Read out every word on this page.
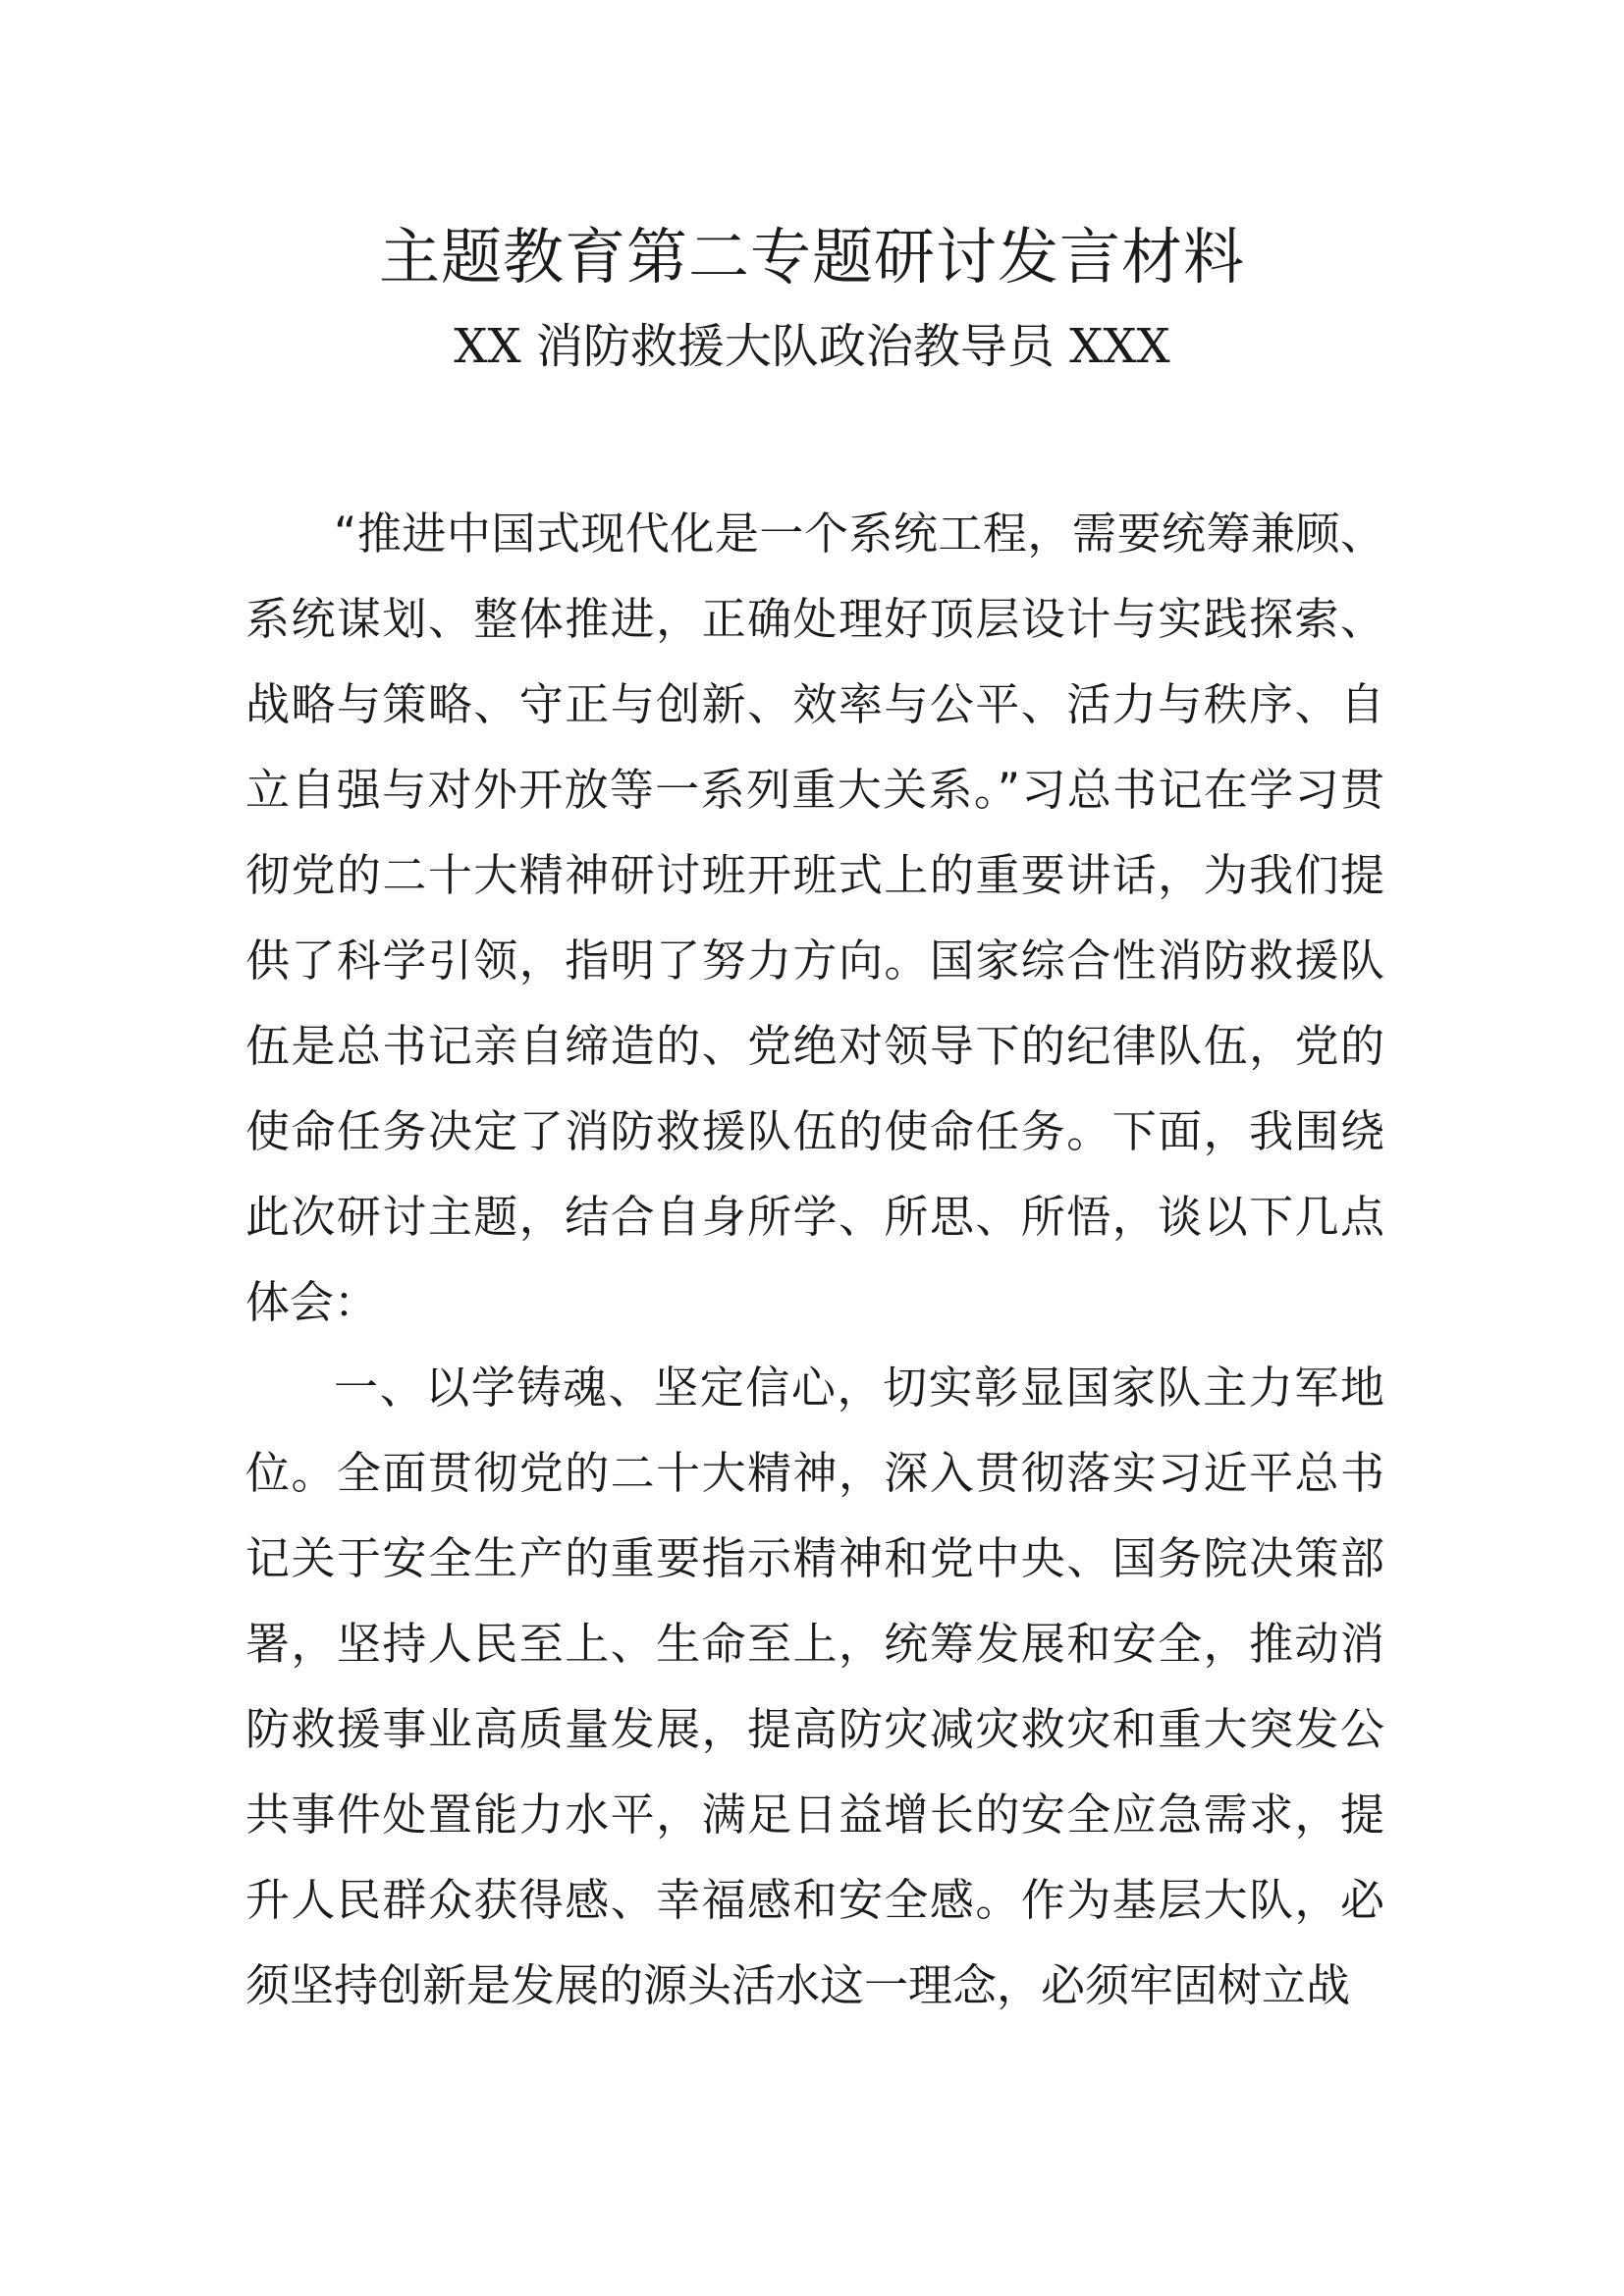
主题教育第二专题研讨发言材料
XX 消防救援大队政治教导员 XXX

“推进中国式现代化是一个系统工程，需要统筹兼顾、系统谋划、整体推进，正确处理好顶层设计与实践探索、战略与策略、守正与创新、效率与公平、活力与秩序、自立自强与对外开放等一系列重大关系。”习总书记在学习贯彻党的二十大精神研讨班开班式上的重要讲话，为我们提供了科学引领，指明了努力方向。国家综合性消防救援队伍是总书记亲自缔造的、党绝对领导下的纪律队伍，党的使命任务决定了消防救援队伍的使命任务。下面，我围绕此次研讨主题，结合自身所学、所思、所悟，谈以下几点体会：

一、以学铸魂、坚定信心，切实彰显国家队主力军地位。全面贯彻党的二十大精神，深入贯彻落实习近平总书记关于安全生产的重要指示精神和党中央、国务院决策部署，坚持人民至上、生命至上，统筹发展和安全，推动消防救援事业高质量发展，提高防灾减灾救灾和重大突发公共事件处置能力水平，满足日益增长的安全应急需求，提升人民群众获得感、幸福感和安全感。作为基层大队，必须坚持创新是发展的源头活水这一理念，必须牢固树立战
